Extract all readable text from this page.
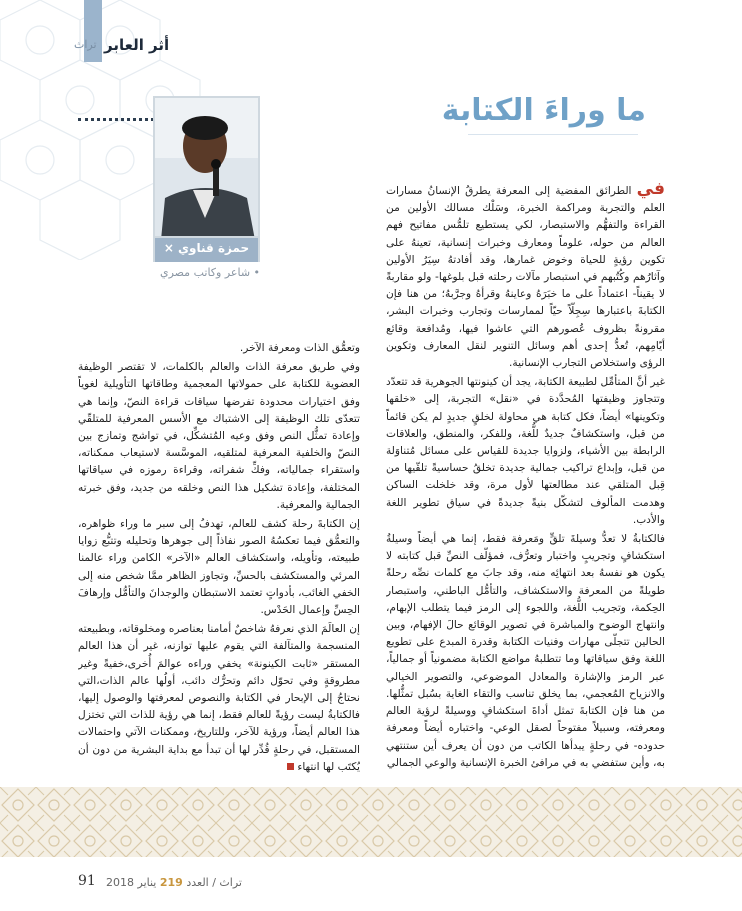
تراث أثر العابر
ما وراءَ الكتابة
حمزة قناوي ×
• شاعر وكاتب مصري

في الطرائق المفضية إلى المعرفة يطرقُ الإنسانُ مسارات العلم والتجربة ومراكمة الخبرة، وسَلْك مسالك الأولين من القراءة والتفهُّم والاستبصار، لكي يستطيع تلمُّس مفاتيح فهم العالم من حوله، علوماً ومعارف وخبرات إنسانية، تعينهُ على تكوين رؤيةٍ للحياة وخوض غمارها، وقد أفادتهُ سِيَرُ الأولين وآثارُهم وكُتُبهم في استبصار مآلات رحلته قبل بلوغها- ولو مقاربةً لا يقيناً- اعتماداً على ما خبَرَهُ وعاينهُ وقرأهُ وجرَّبهُ؛ من هنا فإن الكتابةَ باعتبارها سِجِلّاً حيّاً لممارسات وتجارب وخبرات البشر، مقرونةً بظروف عُصورهم التي عاشوا فيها، ومُدافعة وقائع أيّامِهم، تُعدُّ إحدى أهم وسائل التنوير لنقل المعارف وتكوين الرؤى واستخلاص التجارب الإنسانية.

غير أنَّ المتأمِّل لطبيعة الكتابة، يجد أن كينونتها الجوهرية قد تتعدّد وتتجاوز وظيفتها المُحدَّدة في «نقل» التجربة، إلى «خلقها وتكوينها» أيضاً، فكل كتابة هي محاولة لخلقٍ جديدٍ لم يكن قائماً من قبل، واستكشافٌ جديدٌ للُّغة، وللفكر، والمنطق، والعلاقات الرابطة بين الأشياء، ولزوايا جديدة للقياس على مسائل مُتناوَلة من قبل، وإبداع تراكيب جمالية جديدة تخلقُ حساسيةً تلقّيها من قِبل المتلقي عند مطالعتها لأول مرة، وقد خلخلت الساكن وهدمت المألوف لتشكّل بنيةً جديدةً في سياق تطوير اللغة والأدب.

فالكتابةُ لا تعدُّ وسيلةَ تلقٍّ ومَعرفة فقط، إنما هي أيضاً وسيلةُ استكشافٍ وتجريبٍ واختبار وتعرُّف، فمؤلّف النصِّ قبل كتابته لا يكون هو نفسهُ بعد انتهائِه منه، وقد جابَ مع كلمات نصِّه رحلةً طويلةً من المعرفة والاستكشاف، والتأمُّل الباطني، واستبصار الحِكمة، وتجريب اللُّغة، واللجوء إلى الرمز فيما يتطلب الإبهام، وانتهاج الوضوح والمباشرة في تصوير الوقائع حالَ الإفهام، وبين الحالين تتجلّى مهارات وفنيات الكتابة وقدرة المبدع على تطويع اللغة وفق سياقاتها وما تتطلبهُ مواضع الكتابة مضمونياً أو جمالياً، عبر الرمز والإشارة والمعادل الموضوعي، والتصوير الخيالي والانزياح المُعجمي، بما يخلق تناسب والتقاء الغاية بسُبل تمثُّلها. من هنا فإن الكتابةَ تمثل أداةَ استكشافٍ ووسيلةً لرؤية العالم ومعرفته، وسبيلاً مفتوحاً لصقل الوعي- واختباره أيضاً ومعرفة حدوده- في رحلةٍ يبدأها الكاتب من دون أن يعرف أين ستنتهي به، وأين ستفضي به في مرافئ الخبرة الإنسانية والوعي الجمالي

وتعمُّق الذات ومعرفة الآخر.

وفي طريق معرفة الذات والعالم بالكلمات، لا تقتصر الوظيفة العضوية للكتابة على حمولاتها المعجمية وطاقاتها التأويلية لغوياً وفق اختيارات محدودة تفرضها سياقات قراءة النصّ، وإنما هي تتعدّى تلك الوظيفة إلى الاشتباك مع الأسس المعرفية للمتلقّي وإعادة تمثُّل النص وفق وعيه المُتشكِّل، في تواشج وتمازج بين النصّ والخلفية المعرفية لمتلقيه، الموسَّسة لاستيعاب ممكناته، واستقراء جمالياته، وفكِّ شفراته، وقراءة رموزه في سياقاتها المختلفة، وإعادة تشكيل هذا النص وخلقه من جديد، وفق خبرته الجمالية والمعرفية.

إن الكتابةَ رحلة كشف للعالم، تهدفُ إلى سبر ما وراء ظواهره، والتعمُّق فيما تعكسُهُ الصور نفاذاً إلى جوهرها وتحليله وتتبُّع زوايا طبيعته، وتأويله، واستكشاف العالم «الآخر» الكامن وراء عالمنا المرئي والمستكشف بالحسِّ، وتجاوز الظاهر ممَّا شخص منه إلى الخفي الغائب، بأدواتٍ تعتمد الاستبطان والوجدانَ والتأمُّل وإرهافَ الحِسِّ وإعمال الحَدْس.

إن العالَمَ الذي نعرفهُ شاخصٌ أمامنا بعناصره ومخلوقاته، وبطبيعته المنسجمة والمتآلفة التي يقوم عليها توازنه، غير أن هذا العالم المستقر «ثابت الكينونة» يخفي وراءه عوالمَ أُخرى،خفيةً وغير مطروقةٍ وفي تحوّل دائم وتحرُّك دائب، أولُها عالم الذات،التي نحتاجُ إلى الإبحار في الكتابة والنصوص لمعرفتها والوصول إليها، فالكتابةُ ليست رؤيةً للعالم فقط، إنما هي رؤية للذات التي تختزل هذا العالم أيضاً، ورؤية للآخر، وللتاريخ، وممكنات الآتي واحتمالات المستقبل، في رحلةٍ قُدِّر لها أن تبدأ مع بداية البشرية من دون أن يُكتَب لها انتهاء

91	تراث / العدد 219 يناير 2018
